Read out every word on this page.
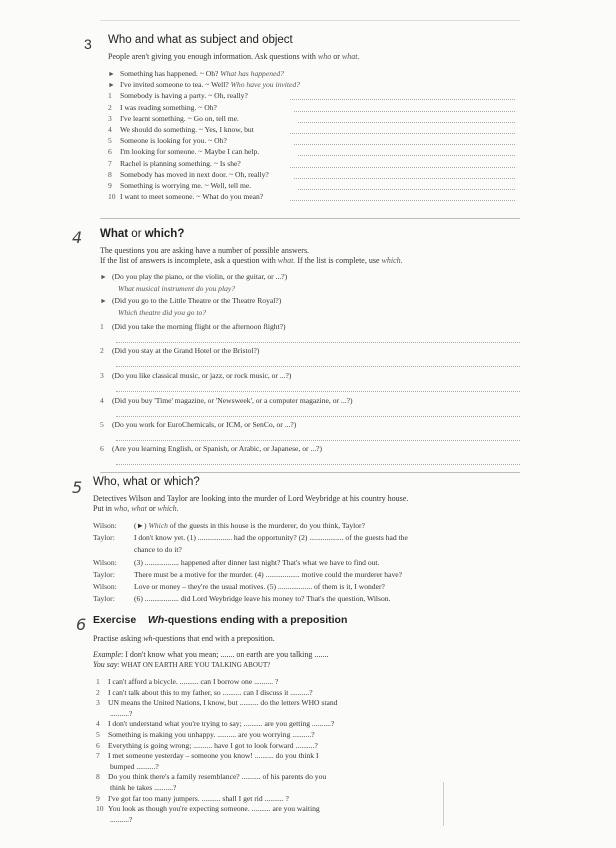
3 Who and what as subject and object
People aren't giving you enough information. Ask questions with who or what.
► Something has happened. ~ Oh? What has happened?
► I've invited someone to tea. ~ Well? Who have you invited?
1 Somebody is having a party. ~ Oh, really?
2 I was reading something. ~ Oh?
3 I've learnt something. ~ Go on, tell me.
4 We should do something. ~ Yes, I know, but
5 Someone is looking for you. ~ Oh?
6 I'm looking for someone. ~ Maybe I can help.
7 Rachel is planning something. ~ Is she?
8 Somebody has moved in next door. ~ Oh, really?
9 Something is worrying me. ~ Well, tell me.
10 I want to meet someone. ~ What do you mean?
4 What or which?
The questions you are asking have a number of possible answers.
If the list of answers is incomplete, ask a question with what. If the list is complete, use which.
► (Do you play the piano, or the violin, or the guitar, or ...?)
What musical instrument do you play?
► (Did you go to the Little Theatre or the Theatre Royal?)
Which theatre did you go to?
1 (Did you take the morning flight or the afternoon flight?)
2 (Did you stay at the Grand Hotel or the Bristol?)
3 (Do you like classical music, or jazz, or rock music, or ...?)
4 (Did you buy 'Time' magazine, or 'Newsweek', or a computer magazine, or ...?)
5 (Do you work for EuroChemicals, or ICM, or SenCo, or ...?)
6 (Are you learning English, or Spanish, or Arabic, or Japanese, or ...?)
5 Who, what or which?
Detectives Wilson and Taylor are looking into the murder of Lord Weybridge at his country house.
Put in who, what or which.
Wilson: (►) Which of the guests in this house is the murderer, do you think, Taylor?
Taylor:	I don't know yet. (1) .................. had the opportunity? (2) .................. of the guests had the
chance to do it?
Wilson: (3) .................. happened after dinner last night? That's what we have to find out.
Taylor:	There must be a motive for the murder. (4) .................. motive could the murderer have?
Wilson: Love or money – they're the usual motives. (5) .................. of them is it, I wonder?
Taylor:	(6) .................. did Lord Weybridge leave his money to? That's the question, Wilson.
6 Exercise Wh-questions ending with a preposition
Practise asking wh-questions that end with a preposition.
Example: I don't know what you mean; ....... on earth are you talking .......
You say: WHAT ON EARTH ARE YOU TALKING ABOUT?
1 I can't afford a bicycle. .......... can I borrow one .......... ?
2 I can't talk about this to my father, so .......... can I discuss it ..........?
3 UN means the United Nations, I know, but .......... do the letters WHO stand
..........?
4 I don't understand what you're trying to say; .......... are you getting ..........?
5 Something is making you unhappy. .......... are you worrying ..........?
6 Everything is going wrong; .......... have I got to look forward ..........?
7 I met someone yesterday – someone you know! .......... do you think I
bumped ..........?
8 Do you think there's a family resemblance? .......... of his parents do you
think he takes ..........?
9 I've got far too many jumpers. .......... shall I get rid .......... ?
10 You look as though you're expecting someone. .......... are you waiting
..........?
